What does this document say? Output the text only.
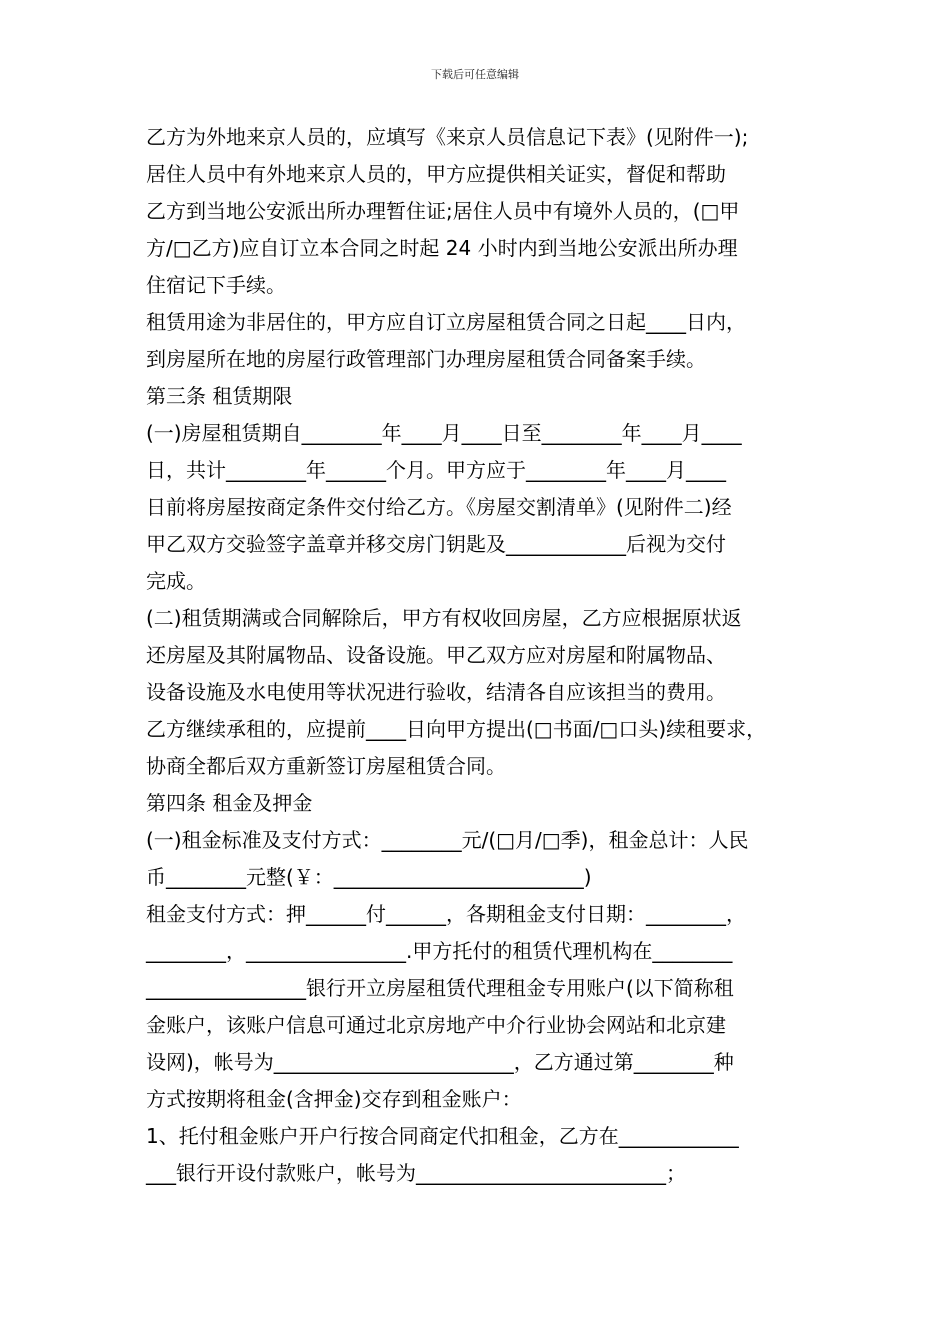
下载后可任意编辑
乙方为外地来京人员的，应填写《来京人员信息记下表》(见附件一);
居住人员中有外地来京人员的，甲方应提供相关证实，督促和帮助
乙方到当地公安派出所办理暂住证;居住人员中有境外人员的，(□甲
方/□乙方)应自订立本合同之时起 24 小时内到当地公安派出所办理
住宿记下手续。
租赁用途为非居住的，甲方应自订立房屋租赁合同之日起____日内，
到房屋所在地的房屋行政管理部门办理房屋租赁合同备案手续。
第三条 租赁期限
(一)房屋租赁期自________年____月____日至________年____月____
日，共计________年______个月。甲方应于________年____月____
日前将房屋按商定条件交付给乙方。《房屋交割清单》(见附件二)经
甲乙双方交验签字盖章并移交房门钥匙及____________后视为交付
完成。
(二)租赁期满或合同解除后，甲方有权收回房屋，乙方应根据原状返
还房屋及其附属物品、设备设施。甲乙双方应对房屋和附属物品、
设备设施及水电使用等状况进行验收，结清各自应该担当的费用。
乙方继续承租的，应提前____日向甲方提出(□书面/□口头)续租要求，
协商全都后双方重新签订房屋租赁合同。
第四条 租金及押金
(一)租金标准及支付方式：________元/(□月/□季)，租金总计：人民
币________元整(￥：_________________________)
租金支付方式：押______付______，各期租金支付日期：________，
________，________________.甲方托付的租赁代理机构在________
________________银行开立房屋租赁代理租金专用账户(以下简称租
金账户，该账户信息可通过北京房地产中介行业协会网站和北京建
设网)，帐号为________________________，乙方通过第________种
方式按期将租金(含押金)交存到租金账户：
1、托付租金账户开户行按合同商定代扣租金，乙方在____________
___银行开设付款账户，帐号为_________________________；
